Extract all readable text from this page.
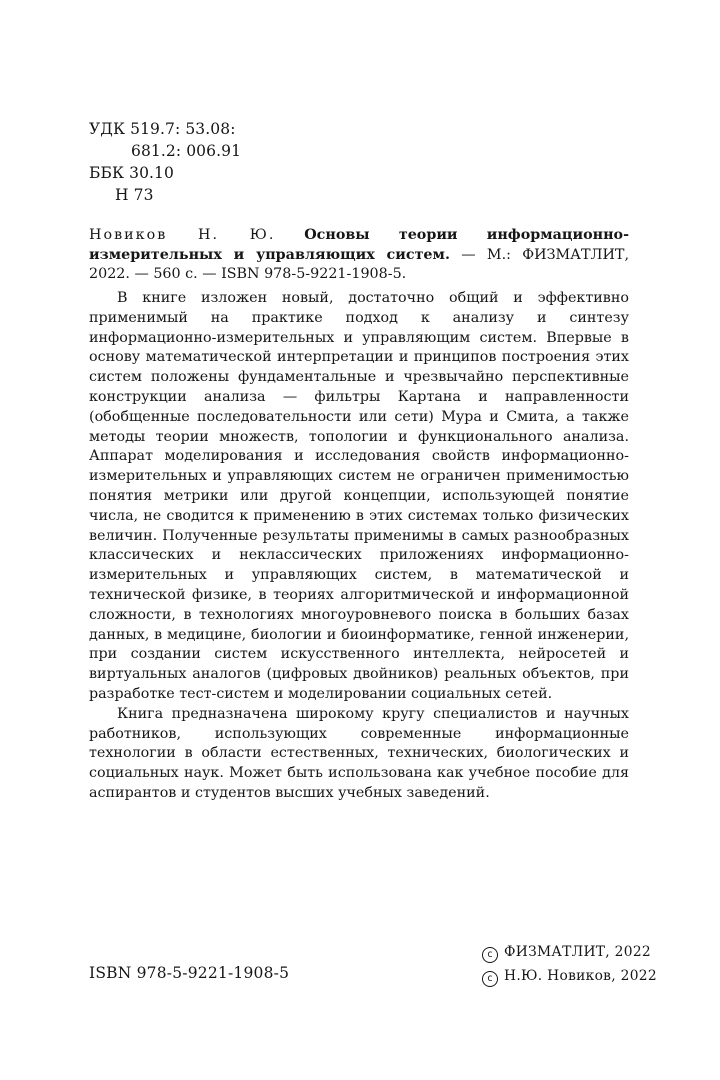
УДК 519.7: 53.08:
681.2: 006.91
ББК 30.10
Н 73
Новиков Н. Ю. Основы теории информационно-измерительных и управляющих систем. — М.: ФИЗМАТЛИТ, 2022. — 560 с. — ISBN 978-5-9221-1908-5.

В книге изложен новый, достаточно общий и эффективно применимый на практике подход к анализу и синтезу информационно-измерительных и управляющим систем. Впервые в основу математической интерпретации и принципов построения этих систем положены фундаментальные и чрезвычайно перспективные конструкции анализа — фильтры Картана и направленности (обобщенные последовательности или сети) Мура и Смита, а также методы теории множеств, топологии и функционального анализа. Аппарат моделирования и исследования свойств информационно-измерительных и управляющих систем не ограничен применимостью понятия метрики или другой концепции, использующей понятие числа, не сводится к применению в этих системах только физических величин. Полученные результаты применимы в самых разнообразных классических и неклассических приложениях информационно-измерительных и управляющих систем, в математической и технической физике, в теориях алгоритмической и информационной сложности, в технологиях многоуровневого поиска в больших базах данных, в медицине, биологии и биоинформатике, генной инженерии, при создании систем искусственного интеллекта, нейросетей и виртуальных аналогов (цифровых двойников) реальных объектов, при разработке тест-систем и моделировании социальных сетей.

Книга предназначена широкому кругу специалистов и научных работников, использующих современные информационные технологии в области естественных, технических, биологических и социальных наук. Может быть использована как учебное пособие для аспирантов и студентов высших учебных заведений.

ISBN 978-5-9221-1908-5
c ФИЗМАТЛИТ, 2022
c Н.Ю. Новиков, 2022
